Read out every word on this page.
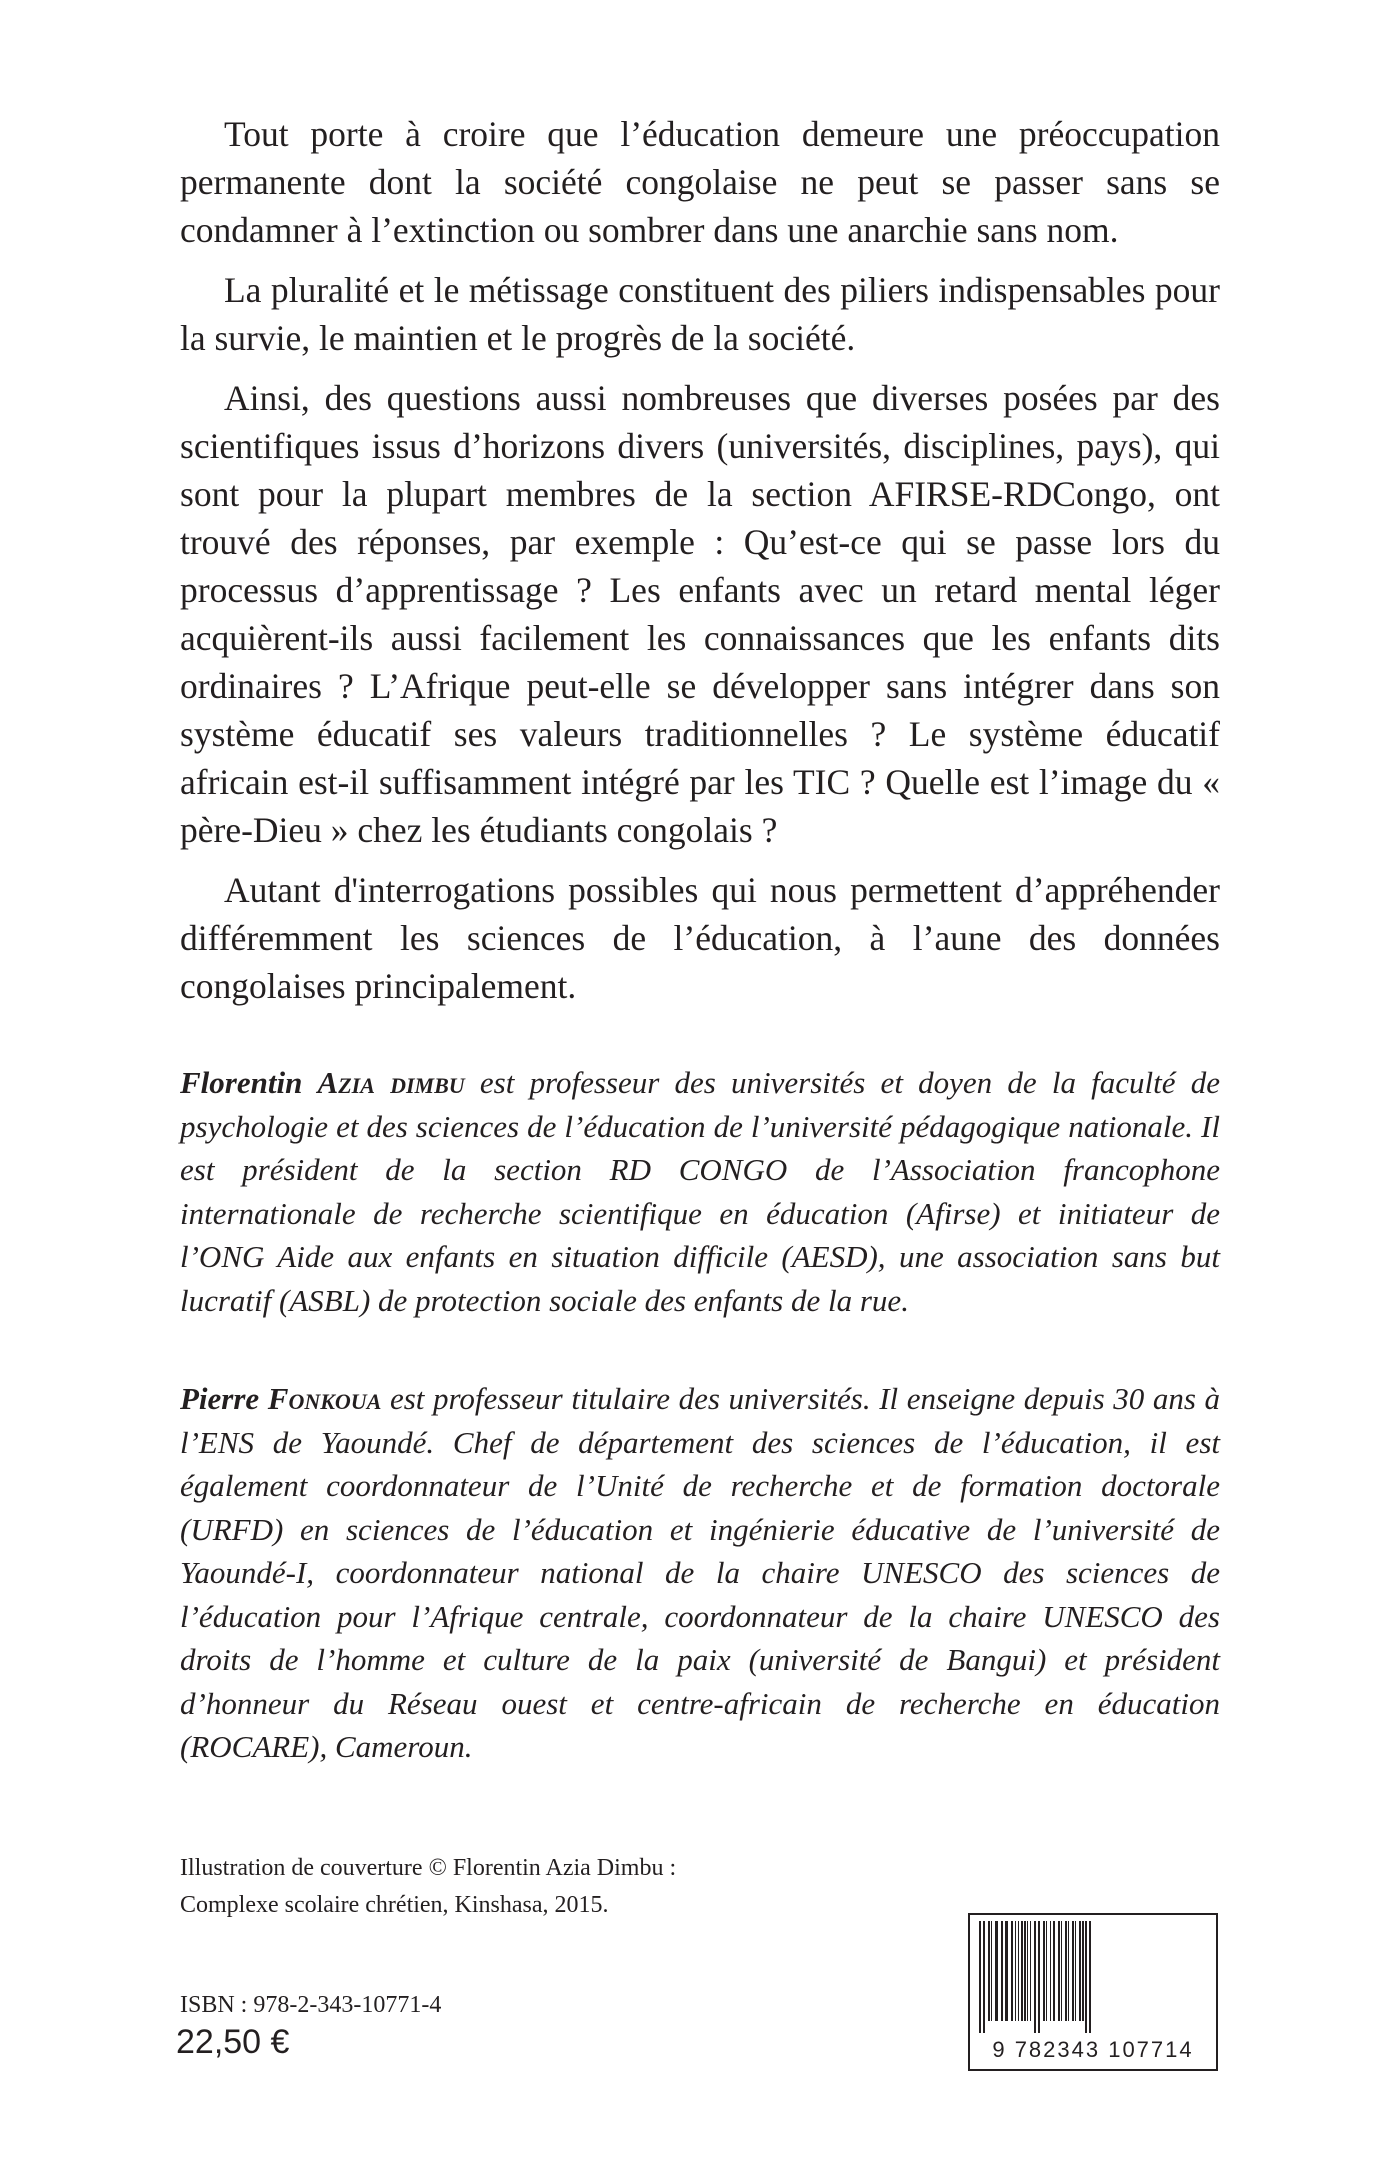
Tout porte à croire que l’éducation demeure une préoccupation permanente dont la société congolaise ne peut se passer sans se condamner à l’extinction ou sombrer dans une anarchie sans nom.

La pluralité et le métissage constituent des piliers indispensables pour la survie, le maintien et le progrès de la société.

Ainsi, des questions aussi nombreuses que diverses posées par des scientifiques issus d’horizons divers (universités, disciplines, pays), qui sont pour la plupart membres de la section AFIRSE-RDCongo, ont trouvé des réponses, par exemple : Qu’est-ce qui se passe lors du processus d’apprentissage ? Les enfants avec un retard mental léger acquièrent-ils aussi facilement les connaissances que les enfants dits ordinaires ? L’Afrique peut-elle se développer sans intégrer dans son système éducatif ses valeurs traditionnelles ? Le système éducatif africain est-il suffisamment intégré par les TIC ? Quelle est l’image du « père-Dieu » chez les étudiants congolais ?

Autant d'interrogations possibles qui nous permettent d’appréhender différemment les sciences de l’éducation, à l’aune des données congolaises principalement.

Florentin Azia dimbu est professeur des universités et doyen de la faculté de psychologie et des sciences de l’éducation de l’université pédagogique nationale. Il est président de la section RD CONGO de l’Association francophone internationale de recherche scientifique en éducation (Afirse) et initiateur de l’ONG Aide aux enfants en situation difficile (AESD), une association sans but lucratif (ASBL) de protection sociale des enfants de la rue.

Pierre Fonkoua est professeur titulaire des universités. Il enseigne depuis 30 ans à l’ENS de Yaoundé. Chef de département des sciences de l’éducation, il est également coordonnateur de l’Unité de recherche et de formation doctorale (URFD) en sciences de l’éducation et ingénierie éducative de l’université de Yaoundé-I, coordonnateur national de la chaire UNESCO des sciences de l’éducation pour l’Afrique centrale, coordonnateur de la chaire UNESCO des droits de l’homme et culture de la paix (université de Bangui) et président d’honneur du Réseau ouest et centre-africain de recherche en éducation (ROCARE), Cameroun.

Illustration de couverture © Florentin Azia Dimbu :

Complexe scolaire chrétien, Kinshasa, 2015.

ISBN : 978-2-343-10771-4
22,50 €	9 782343 107714
